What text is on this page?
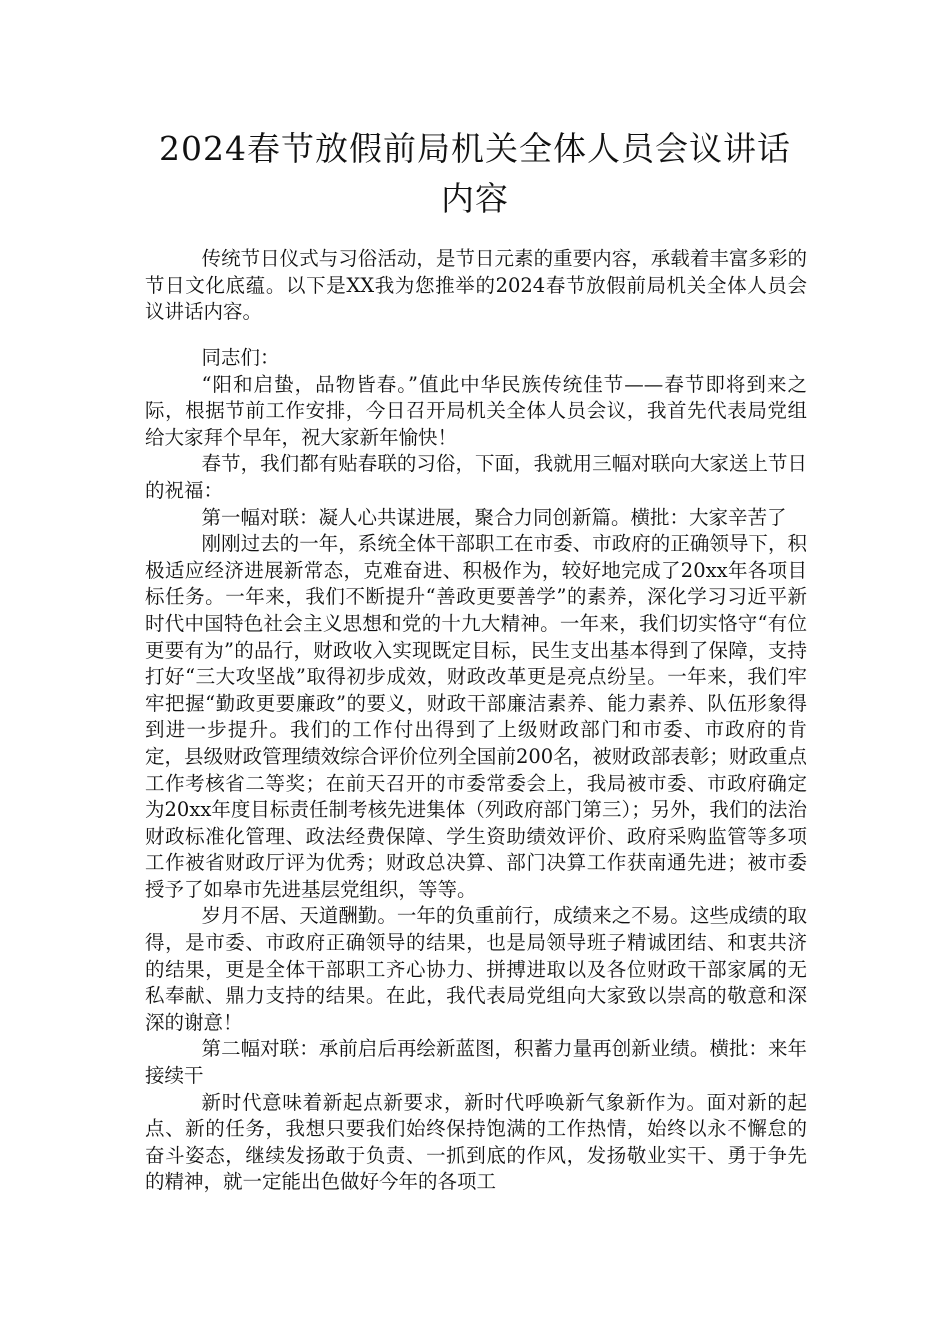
2024春节放假前局机关全体人员会议讲话
内容

传统节日仪式与习俗活动，是节日元素的重要内容，承载着丰富多彩的节日文化底蕴。以下是XX我为您推举的2024春节放假前局机关全体人员会议讲话内容。

同志们：

“阳和启蛰，品物皆春。”值此中华民族传统佳节——春节即将到来之际，根据节前工作安排，今日召开局机关全体人员会议，我首先代表局党组给大家拜个早年，祝大家新年愉快！

春节，我们都有贴春联的习俗，下面，我就用三幅对联向大家送上节日的祝福：

第一幅对联：凝人心共谋进展，聚合力同创新篇。横批：大家辛苦了

刚刚过去的一年，系统全体干部职工在市委、市政府的正确领导下，积极适应经济进展新常态，克难奋进、积极作为，较好地完成了20xx年各项目标任务。一年来，我们不断提升“善政更要善学”的素养，深化学习习近平新时代中国特色社会主义思想和党的十九大精神。一年来，我们切实恪守“有位更要有为”的品行，财政收入实现既定目标，民生支出基本得到了保障，支持打好“三大攻坚战”取得初步成效，财政改革更是亮点纷呈。一年来，我们牢牢把握“勤政更要廉政”的要义，财政干部廉洁素养、能力素养、队伍形象得到进一步提升。我们的工作付出得到了上级财政部门和市委、市政府的肯定，县级财政管理绩效综合评价位列全国前200名，被财政部表彰；财政重点工作考核省二等奖；在前天召开的市委常委会上，我局被市委、市政府确定为20xx年度目标责任制考核先进集体（列政府部门第三）；另外，我们的法治财政标准化管理、政法经费保障、学生资助绩效评价、政府采购监管等多项工作被省财政厅评为优秀；财政总决算、部门决算工作获南通先进；被市委授予了如皋市先进基层党组织，等等。

岁月不居、天道酬勤。一年的负重前行，成绩来之不易。这些成绩的取得，是市委、市政府正确领导的结果，也是局领导班子精诚团结、和衷共济的结果，更是全体干部职工齐心协力、拼搏进取以及各位财政干部家属的无私奉献、鼎力支持的结果。在此，我代表局党组向大家致以崇高的敬意和深深的谢意！

第二幅对联：承前启后再绘新蓝图，积蓄力量再创新业绩。横批：来年接续干

新时代意味着新起点新要求，新时代呼唤新气象新作为。面对新的起点、新的任务，我想只要我们始终保持饱满的工作热情，始终以永不懈怠的奋斗姿态，继续发扬敢于负责、一抓到底的作风，发扬敬业实干、勇于争先的精神，就一定能出色做好今年的各项工
